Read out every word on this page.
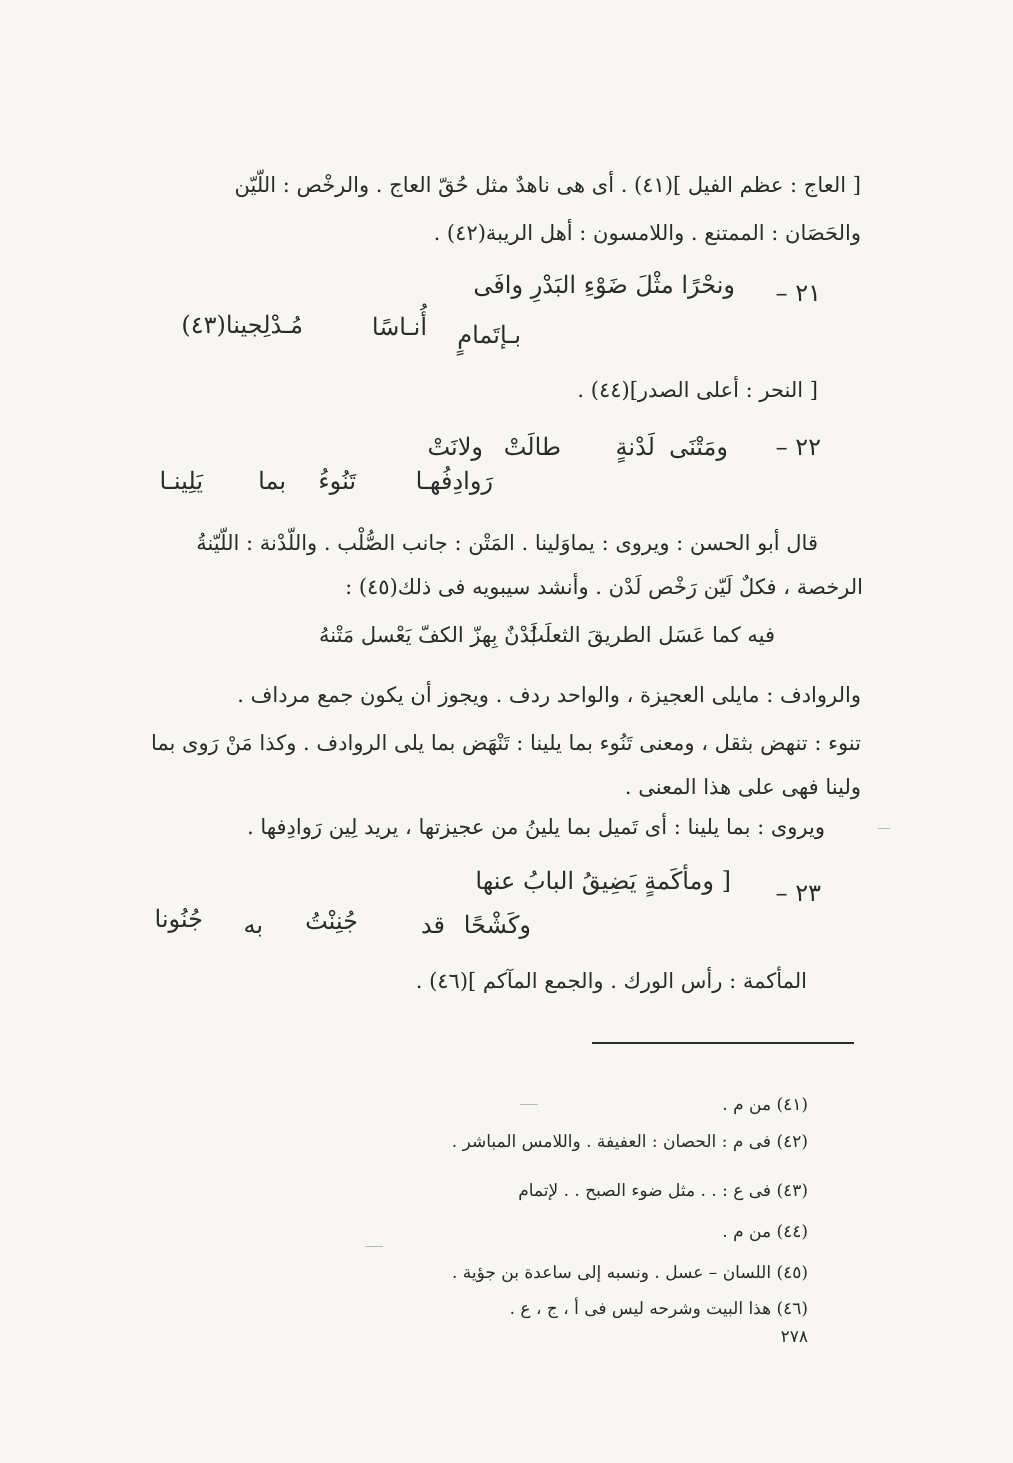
[ العاج : عظم الفيل ](٤١) . أى هى ناهدٌ مثل حُقّ العاج . والرخْص : اللّيّن
والحَصَان : الممتنع . واللامسون : أهل الريبة(٤٢) .
٢١ –
ونحْرًا مثْلَ ضَوْءِ البَدْرِ وافَى
بـإتَمامٍ
أُنـاسًا
مُـدْلِجينا(٤٣)
[ النحر : أعلى الصدر](٤٤) .
٢٢ –
ومَتْنَى
لَدْنةٍ
طالَتْ
ولانَتْ
رَوادِفُهـا
تَنُوءُ
بما
يَلِينـا
قال أبو الحسن : ويروى : يماوَلينا . المَتْن : جانب الصُّلْب . واللّدْنة : اللّيّنةُ
الرخصة ، فكلٌ لَيّن رَخْص لَدْن . وأنشد سيبويه فى ذلك(٤٥) :
لَدْنٌ بِهزّ الكفّ يَعْسل مَتْنهُ
فيه كما عَسَل الطريقَ الثعلَبُ
والروادف : مايلى العجيزة ، والواحد ردف . ويجوز أن يكون جمع مرداف .
تنوء : تنهض بثقل ، ومعنى تَنُوء بما يلينا : تَنْهَض بما يلى الروادف . وكذا مَنْ رَوى بما
ولينا فهى على هذا المعنى .
ويروى : بما يلينا : أى تَميل بما يلينُ من عجيزتها ، يريد لِين رَوادِفها .
٢٣ –
[ ومأكَمةٍ يَضِيقُ البابُ عنها
وكَشْحًا
قد
جُنِنْتُ
به
جُنُونا
المأكمة : رأس الورك . والجمع المآكم ](٤٦) .
(٤١) من م .
(٤٢) فى م : الحصان : العفيفة . واللامس المباشر .
(٤٣) فى ع : . . مثل ضوء الصبح . . لإتمام
(٤٤) من م .
(٤٥) اللسان – عسل . ونسبه إلى ساعدة بن جؤية .
(٤٦) هذا البيت وشرحه ليس فى أ ، ج ، ع .
٢٧٨
